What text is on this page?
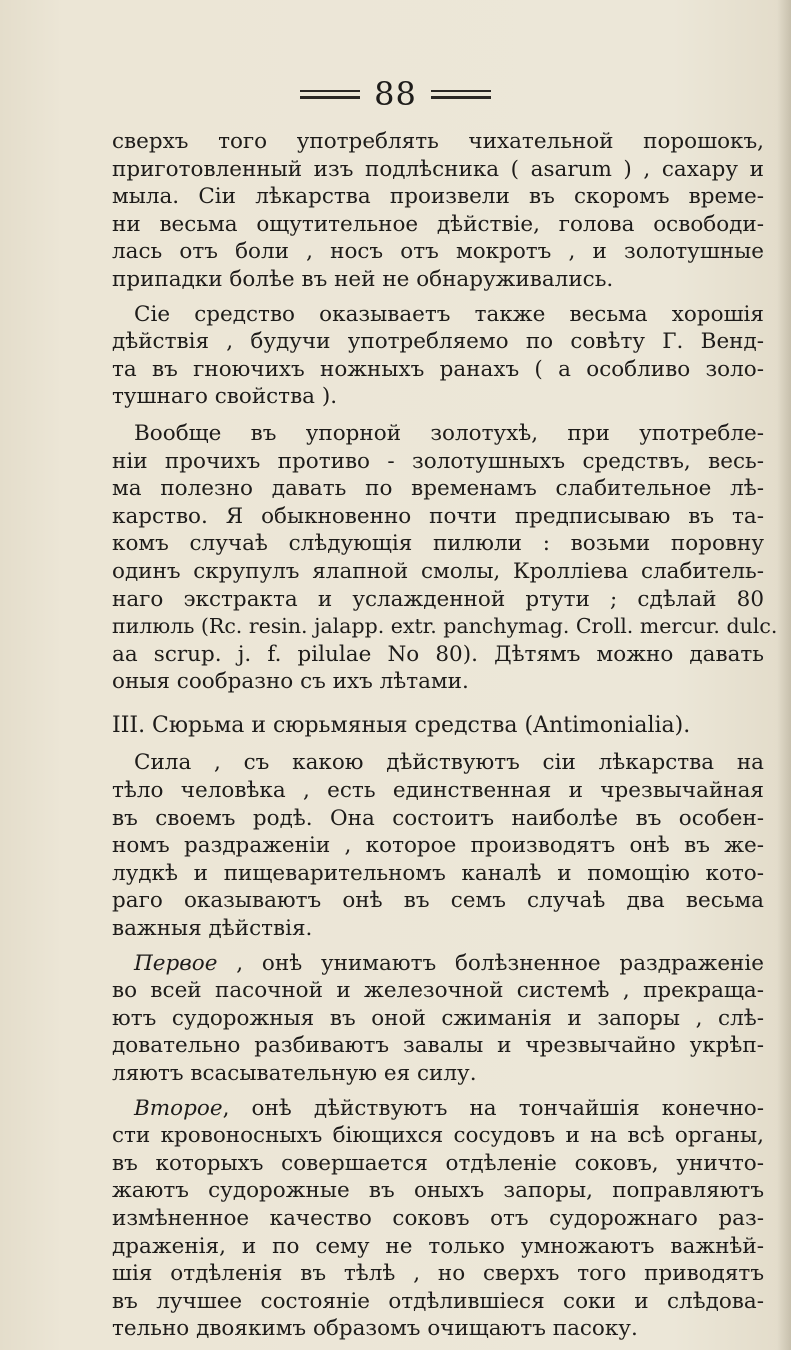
88
сверхъ того употреблять чихательной порошокъ,
приготовленный изъ подлѣсника ( asarum ) , сахару и
мыла. Сіи лѣкарства произвели въ скоромъ време-
ни весьма ощутительное дѣйствіе, голова освободи-
лась отъ боли , носъ отъ мокротъ , и золотушные
припадки болѣе въ ней не обнаруживались.
Сіе средство оказываетъ также весьма хорошія
дѣйствія , будучи употребляемо по совѣту Г. Венд-
та въ гноючихъ ножныхъ ранахъ ( а особливо золо-
тушнаго свойства ).
Вообще въ упорной золотухѣ, при употребле-
ніи прочихъ противо - золотушныхъ средствъ, весь-
ма полезно давать по временамъ слабительное лѣ-
карство. Я обыкновенно почти предписываю въ та-
комъ случаѣ слѣдующія пилюли : возьми поровну
одинъ скрупулъ ялапной смолы, Кролліева слабитель-
наго экстракта и услажденной ртути ; сдѣлай 80
пилюль (Rc. resin. jalapp. extr. panchymag. Croll. mercur. dulc.
aa scrup. j. f. pilulae No 80). Дѣтямъ можно давать
оныя сообразно съ ихъ лѣтами.
III. Сюрьма и сюрьмяныя средства (Antimonialia).
Сила , съ какою дѣйствуютъ сіи лѣкарства на
тѣло человѣка , есть единственная и чрезвычайная
въ своемъ родѣ. Она состоитъ наиболѣе въ особен-
номъ раздраженіи , которое производятъ онѣ въ же-
лудкѣ и пищеварительномъ каналѣ и помощію кото-
раго оказываютъ онѣ въ семъ случаѣ два весьма
важныя дѣйствія.
Первое , онѣ унимаютъ болѣзненное раздраженіе
во всей пасочной и железочной системѣ , прекраща-
ютъ судорожныя въ оной сжиманія и запоры , слѣ-
довательно разбиваютъ завалы и чрезвычайно укрѣп-
ляютъ всасывательную ея силу.
Второе, онѣ дѣйствуютъ на тончайшія конечно-
сти кровоносныхъ біющихся сосудовъ и на всѣ органы,
въ которыхъ совершается отдѣленіе соковъ, уничто-
жаютъ судорожные въ оныхъ запоры, поправляютъ
измѣненное качество соковъ отъ судорожнаго раз-
драженія, и по сему не только умножаютъ важнѣй-
шія отдѣленія въ тѣлѣ , но сверхъ того приводятъ
въ лучшее состояніе отдѣлившіеся соки и слѣдова-
тельно двоякимъ образомъ очищаютъ пасоку.
